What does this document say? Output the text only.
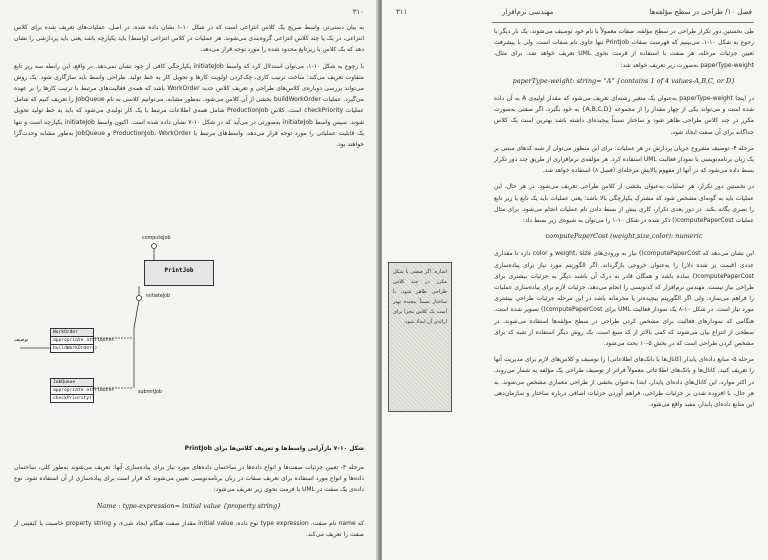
۳۱۰

به بیان دستی‌تر، واسط صریح یک کلاس انتزاعی است که در شکل ۱۰-۱ نشان داده شده. در اصل، عملیات‌های تعریف شده برای کلاس انتزاعی، در یک یا چند کلاس انتزاعی گروه‌بندی می‌شوند. هر عملیات در کلاس انتزاعی (واسط) باید یکپارچه باشد یعنی باید پردازشی را نشان دهد که یک کلاس یا زیرتابع محدود شده را مورد توجه قرار می‌دهد.

با رجوع به شکل ۱۰-۱، می‌توان استدلال کرد که واسط initiateJob یکپارچگی کافی از خود نشان نمی‌دهد. در واقع، این رابطه سه زیر تابع متفاوت تعریف می‌کند: ساخت ترتیب کاری، چک‌کردن اولویت کارها و تحویل کار به خط تولید. طراحی واسط باید سازگاری شود. یک روش می‌تواند بررسی دوباره‌ی کلاس‌های طراحی و تعریف کلاس جدید WorkOrder باشد که همه‌ی فعالیت‌های مرتبط با ترتیب کارها را بر عهده می‌گیرد. عملیات buildWorkOrder بخشی از آن کلاس می‌شود. به‌طور مشابه، می‌توانیم کلاسی به نام JobQueue را تعریف کنیم که شامل عملیات checkPriority است. کلاس ProductionJob شامل همه‌ی اطلاعات مرتبط با یک کار تولیدی می‌شود که باید به خط تولید تحویل شوند. سپس واسط initiateJob به‌صورتی در می‌آید که در شکل ۱۰-۷ نشان داده شده است. اکنون واسط initiateJob یکپارچه است و تنها یک قابلیت عملیاتی را مورد توجه قرار می‌دهد. واسط‌های مرتبط با ProductionJob، WorkOrder و JobQueue به‌طور مشابه وحدت‌گرا خواهند بود.

computeJob
PrintJob
initiateJob
WorkOrder
appropriate attributes
buildWorkOrder()
توصیف
JobQueue
appropriate attributes
checkPriority()
submitJob
شکل ۱۰-۷ بازآرایی واسط‌ها و تعریف کلاس‌ها برای PrintJob

مرحله ۳- تعیین جزئیات صفت‌ها و انواع داده‌ها در ساختمان داده‌های مورد نیاز برای پیاده‌سازی آنها: تعریف می‌شوند به‌طور کلی، ساختمان داده‌ها و انواع مورد استفاده برای تعریف صفات در زبان برنامه‌نویسی تعیین می‌شوند که قرار است برای پیاده‌سازی از آن استفاده شود. نوع داده‌ی یک صفت در UML با فرمت نحوی زیر تعریف می‌شود:

Name : type-expression= initial value {property string}

که name نام صفت، type expression نوع داده، initial value مقدار صفت هنگام ایجاد شیء، و property string خاصیت یا کیفیتی از صفت را تعریف می‌کند.

۳۱۱	مهندسی نرم‌افزار	فصل ۱۰/ طراحی در سطح مؤلفه‌ها

طی نخستین دور تکرار طراحی در سطح مؤلفه، صفات معمولاً با نام خود توصیف می‌شوند. یک بار دیگر با رجوع به شکل ۱۰-۱، می‌بینیم که فهرست صفات PrintJob تنها حاوی نام صفات است. ولی با پیشرفت تعیین جزئیات مرحله، هر صفت با استفاده از فرمت نحوی UML تعریف خواهد شد. برای مثال، paperType-weight به‌صورت زیر تعریف خواهد شد:

paperType-weight: string= "A" {contains 1 of 4 values-A,B,C, or D}

در اینجا paperType-weight به‌عنوان یک متغیر رشته‌ای تعریف می‌شود که مقدار اولیه‌ی A به آن داده شده است و می‌تواند یکی از چهار مقدار را از مجموعه {A,B,C,D} به خود بگیرد. اگر صفتی به‌صورت مکرر در چند کلاس طراحی ظاهر شود و ساختار نسبتاً پیچیده‌ای داشته باشد بهترین است یک کلاس جداگانه برای آن صفت ایجاد شود.

مرحله ۴- توصیف مشروح جریان پردازش در هر عملیات: برای این منظور می‌توان از شبه کدهای مبتنی بر یک زبان برنامه‌نویسی یا نمودار فعالیت UML استفاده کرد. هر مؤلفه‌ی نرم‌افزاری از طریق چند دور تکرار بسط داده می‌شود که در آنها از مفهوم پالایش مرحله‌ای (فصل ۸) استفاده خواهد شد.

در نخستین دور تکرار، هر عملیات به‌عنوان بخشی از کلاس طراحی تعریف می‌شود. در هر حال، این عملیات باید به گونه‌ای مشخص شود که مشترکِ یکپارچگی بالا باشد؛ یعنی عملیات باید یک تابع یا زیر تابع را بصری یگانه بکند. در دور بعدی تکرار، کاری بیش از بسط دادن نام عملیات انجام می‌شود. برای مثال عملیات computePaperCost() ذکر شده در شکل ۱۰-۱ را می‌توان به شیوه‌ی زیر بسط داد:

computePaperCost (weight,size,color): numeric

این نشان می‌دهد که computePaperCost() نیاز به ورودی‌های weight، size و color دارد تا مقداری عددی (قیمت پر شده دلار) را به‌عنوان خروجی بازگرداند. اگر الگوریتم مورد نیاز برای پیاده‌سازی computePaperCost() ساده باشد و همگان قادر به درک آن باشند دیگر به جزئیات بیشتری برای طراحی نیاز نیست. مهندس نرم‌افزار که کدنویسی را انجام می‌دهد، جزئیات لازم برای پیاده‌سازی عملیات را فراهم می‌سازد. ولی اگر الگوریتم پیچیده‌تر یا محرمانه باشد در این مرحله جزئیات طراحی بیشتری مورد نیاز است. در شکل ۱۰-۸ یک نمودار فعالیت UML برای computePaperCost() تصویر شده است. هنگامی که نمودارهای فعالیت برای مشخص کردن طراحی در سطح مؤلفه‌ها استفاده می‌شوند، در سطحی از انتزاع بیان می‌شوند که کمی بالاتر از کد منبع است. یک روش دیگر استفاده از شبه کد برای مشخص کردن طراحی است که در بخش ۵-۱۰ بحث می‌شود.

مرحله ۵- منابع داده‌ای پایدار (کانال‌ها یا بانک‌های اطلاعاتی) را توصیف و کلاس‌های لازم برای مدیریت آنها را تعریف کنید. کانال‌ها و بانک‌های اطلاعاتی معمولاً فراتر از توصیف طراحی یک مؤلفه به شمار می‌روند. در اکثر موارد، این کانال‌های داده‌ای پایدار، ابتدا به‌عنوان بخشی از طراحی معماری مشخص می‌شوند. به هر حال، با افزوده شدن بر جزئیات طراحی، فراهم آوردن جزئیات اضافی درباره ساختار و سازمان‌دهی این منابع داده‌ای پایدار، مفید واقع می‌شود.

اشاره: اگر صفتی با شکل مکرر در چند کلاس طراحی ظاهر شود، با ساختار نسبتاً پیچیده بهتر است یک کلاس مجزا برای ارائه‌ی آن ایجاد شود.
